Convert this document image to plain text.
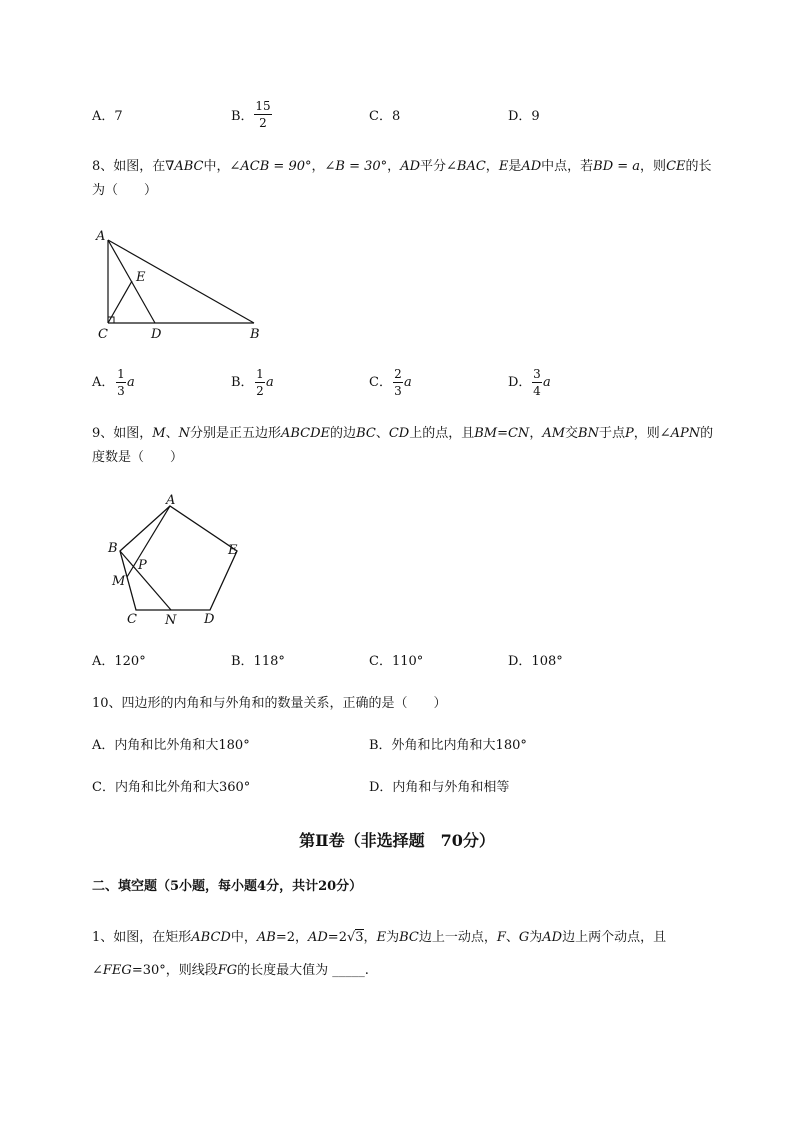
A．7	B．
15
2	C．8	D．9
8、如图，在∇ABC中，∠ACB = 90°，∠B = 30°，AD平分∠BAC，E是AD中点，若BD = a，则CE的长
为（　　）
A
E
C	D	B
A．
1
3
a	B．
1
2
a	C．
2
3
a	D．
3
4
a
9、如图，M、N分别是正五边形ABCDE的边BC、CD上的点，且BM=CN，AM交BN于点P，则∠APN的
度数是（　　）
A
B	E
P
M
C N D
A．120°	B．118°	C．110°	D．108°
10、四边形的内角和与外角和的数量关系，正确的是（　　）
A．内角和比外角和大180°	B．外角和比内角和大180°
C．内角和比外角和大360°	D．内角和与外角和相等
第Ⅱ卷（非选择题　70分）
二、填空题（5小题，每小题4分，共计20分）
1、如图，在矩形ABCD中，AB=2，AD=2√3，E为BC边上一动点，F、G为AD边上两个动点，且
∠FEG=30°，则线段FG的长度最大值为 _____.
